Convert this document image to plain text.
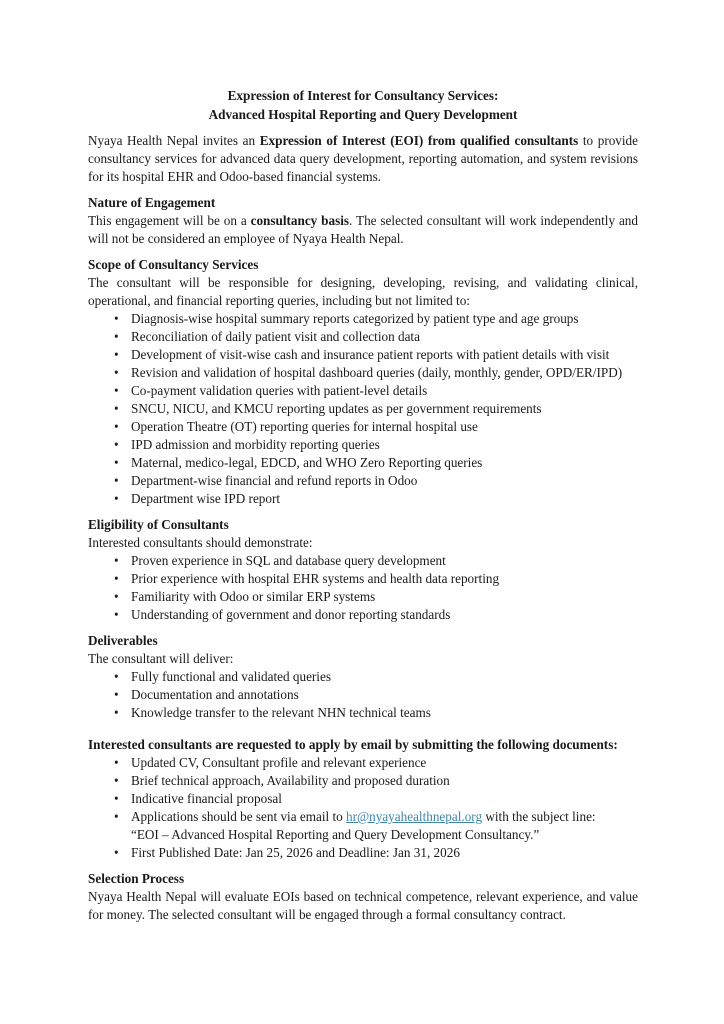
Expression of Interest for Consultancy Services:

Advanced Hospital Reporting and Query Development

Nyaya Health Nepal invites an Expression of Interest (EOI) from qualified consultants to provide consultancy services for advanced data query development, reporting automation, and system revisions for its hospital EHR and Odoo-based financial systems.

Nature of Engagement

This engagement will be on a consultancy basis. The selected consultant will work independently and will not be considered an employee of Nyaya Health Nepal.

Scope of Consultancy Services

The consultant will be responsible for designing, developing, revising, and validating clinical, operational, and financial reporting queries, including but not limited to:

• Diagnosis-wise hospital summary reports categorized by patient type and age groups
• Reconciliation of daily patient visit and collection data
• Development of visit-wise cash and insurance patient reports with patient details with visit
• Revision and validation of hospital dashboard queries (daily, monthly, gender, OPD/ER/IPD)
• Co-payment validation queries with patient-level details
• SNCU, NICU, and KMCU reporting updates as per government requirements
• Operation Theatre (OT) reporting queries for internal hospital use
• IPD admission and morbidity reporting queries
• Maternal, medico-legal, EDCD, and WHO Zero Reporting queries
• Department-wise financial and refund reports in Odoo
• Department wise IPD report

Eligibility of Consultants

Interested consultants should demonstrate:

• Proven experience in SQL and database query development
• Prior experience with hospital EHR systems and health data reporting
• Familiarity with Odoo or similar ERP systems
• Understanding of government and donor reporting standards

Deliverables

The consultant will deliver:

• Fully functional and validated queries
• Documentation and annotations
• Knowledge transfer to the relevant NHN technical teams

Interested consultants are requested to apply by email by submitting the following documents:

• Updated CV, Consultant profile and relevant experience
• Brief technical approach, Availability and proposed duration
• Indicative financial proposal
• Applications should be sent via email to hr@nyayahealthnepal.org with the subject line:
“EOI – Advanced Hospital Reporting and Query Development Consultancy.”
• First Published Date: Jan 25, 2026 and Deadline: Jan 31, 2026

Selection Process

Nyaya Health Nepal will evaluate EOIs based on technical competence, relevant experience, and value for money. The selected consultant will be engaged through a formal consultancy contract.
